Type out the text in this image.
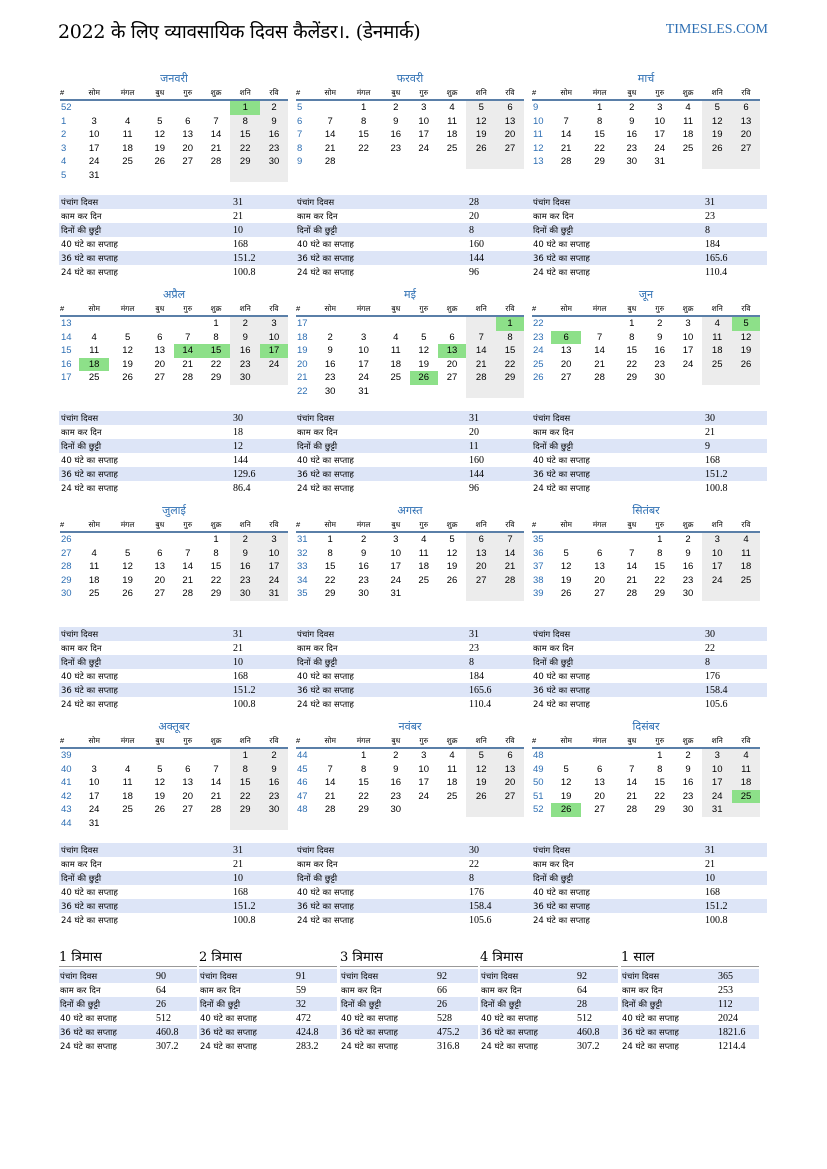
2022 के लिए व्यावसायिक दिवस कैलेंडर।. (डेनमार्क)	TIMESLES.COM
जनवरी
#	सोम	मंगल	बुध	गुरु	शुक्र	शनि	रवि
52						1	2
1	3	4	5	6	7	8	9
2	10	11	12	13	14	15	16
3	17	18	19	20	21	22	23
4	24	25	26	27	28	29	30
5	31						
पंचांग दिवस	31
काम कर दिन	21
दिनों की छुट्टी	10
40 घंटे का सप्ताह	168
36 घंटे का सप्ताह	151.2
24 घंटे का सप्ताह	100.8
फरवरी
#	सोम	मंगल	बुध	गुरु	शुक्र	शनि	रवि
5		1	2	3	4	5	6
6	7	8	9	10	11	12	13
7	14	15	16	17	18	19	20
8	21	22	23	24	25	26	27
9	28						
पंचांग दिवस	28
काम कर दिन	20
दिनों की छुट्टी	8
40 घंटे का सप्ताह	160
36 घंटे का सप्ताह	144
24 घंटे का सप्ताह	96
मार्च
#	सोम	मंगल	बुध	गुरु	शुक्र	शनि	रवि
9		1	2	3	4	5	6
10	7	8	9	10	11	12	13
11	14	15	16	17	18	19	20
12	21	22	23	24	25	26	27
13	28	29	30	31			
पंचांग दिवस	31
काम कर दिन	23
दिनों की छुट्टी	8
40 घंटे का सप्ताह	184
36 घंटे का सप्ताह	165.6
24 घंटे का सप्ताह	110.4
अप्रैल
#	सोम	मंगल	बुध	गुरु	शुक्र	शनि	रवि
13					1	2	3
14	4	5	6	7	8	9	10
15	11	12	13	14	15	16	17
16	18	19	20	21	22	23	24
17	25	26	27	28	29	30	
पंचांग दिवस	30
काम कर दिन	18
दिनों की छुट्टी	12
40 घंटे का सप्ताह	144
36 घंटे का सप्ताह	129.6
24 घंटे का सप्ताह	86.4
मई
#	सोम	मंगल	बुध	गुरु	शुक्र	शनि	रवि
17							1
18	2	3	4	5	6	7	8
19	9	10	11	12	13	14	15
20	16	17	18	19	20	21	22
21	23	24	25	26	27	28	29
22	30	31					
पंचांग दिवस	31
काम कर दिन	20
दिनों की छुट्टी	11
40 घंटे का सप्ताह	160
36 घंटे का सप्ताह	144
24 घंटे का सप्ताह	96
जून
#	सोम	मंगल	बुध	गुरु	शुक्र	शनि	रवि
22			1	2	3	4	5
23	6	7	8	9	10	11	12
24	13	14	15	16	17	18	19
25	20	21	22	23	24	25	26
26	27	28	29	30			
पंचांग दिवस	30
काम कर दिन	21
दिनों की छुट्टी	9
40 घंटे का सप्ताह	168
36 घंटे का सप्ताह	151.2
24 घंटे का सप्ताह	100.8
जुलाई
#	सोम	मंगल	बुध	गुरु	शुक्र	शनि	रवि
26					1	2	3
27	4	5	6	7	8	9	10
28	11	12	13	14	15	16	17
29	18	19	20	21	22	23	24
30	25	26	27	28	29	30	31
पंचांग दिवस	31
काम कर दिन	21
दिनों की छुट्टी	10
40 घंटे का सप्ताह	168
36 घंटे का सप्ताह	151.2
24 घंटे का सप्ताह	100.8
अगस्त
#	सोम	मंगल	बुध	गुरु	शुक्र	शनि	रवि
31	1	2	3	4	5	6	7
32	8	9	10	11	12	13	14
33	15	16	17	18	19	20	21
34	22	23	24	25	26	27	28
35	29	30	31				
पंचांग दिवस	31
काम कर दिन	23
दिनों की छुट्टी	8
40 घंटे का सप्ताह	184
36 घंटे का सप्ताह	165.6
24 घंटे का सप्ताह	110.4
सितंबर
#	सोम	मंगल	बुध	गुरु	शुक्र	शनि	रवि
35				1	2	3	4
36	5	6	7	8	9	10	11
37	12	13	14	15	16	17	18
38	19	20	21	22	23	24	25
39	26	27	28	29	30		
पंचांग दिवस	30
काम कर दिन	22
दिनों की छुट्टी	8
40 घंटे का सप्ताह	176
36 घंटे का सप्ताह	158.4
24 घंटे का सप्ताह	105.6
अक्तूबर
#	सोम	मंगल	बुध	गुरु	शुक्र	शनि	रवि
39						1	2
40	3	4	5	6	7	8	9
41	10	11	12	13	14	15	16
42	17	18	19	20	21	22	23
43	24	25	26	27	28	29	30
44	31						
पंचांग दिवस	31
काम कर दिन	21
दिनों की छुट्टी	10
40 घंटे का सप्ताह	168
36 घंटे का सप्ताह	151.2
24 घंटे का सप्ताह	100.8
नवंबर
#	सोम	मंगल	बुध	गुरु	शुक्र	शनि	रवि
44		1	2	3	4	5	6
45	7	8	9	10	11	12	13
46	14	15	16	17	18	19	20
47	21	22	23	24	25	26	27
48	28	29	30				
पंचांग दिवस	30
काम कर दिन	22
दिनों की छुट्टी	8
40 घंटे का सप्ताह	176
36 घंटे का सप्ताह	158.4
24 घंटे का सप्ताह	105.6
दिसंबर
#	सोम	मंगल	बुध	गुरु	शुक्र	शनि	रवि
48				1	2	3	4
49	5	6	7	8	9	10	11
50	12	13	14	15	16	17	18
51	19	20	21	22	23	24	25
52	26	27	28	29	30	31	
पंचांग दिवस	31
काम कर दिन	21
दिनों की छुट्टी	10
40 घंटे का सप्ताह	168
36 घंटे का सप्ताह	151.2
24 घंटे का सप्ताह	100.8
1 त्रिमास
पंचांग दिवस	90
काम कर दिन	64
दिनों की छुट्टी	26
40 घंटे का सप्ताह	512
36 घंटे का सप्ताह	460.8
24 घंटे का सप्ताह	307.2
2 त्रिमास
पंचांग दिवस	91
काम कर दिन	59
दिनों की छुट्टी	32
40 घंटे का सप्ताह	472
36 घंटे का सप्ताह	424.8
24 घंटे का सप्ताह	283.2
3 त्रिमास
पंचांग दिवस	92
काम कर दिन	66
दिनों की छुट्टी	26
40 घंटे का सप्ताह	528
36 घंटे का सप्ताह	475.2
24 घंटे का सप्ताह	316.8
4 त्रिमास
पंचांग दिवस	92
काम कर दिन	64
दिनों की छुट्टी	28
40 घंटे का सप्ताह	512
36 घंटे का सप्ताह	460.8
24 घंटे का सप्ताह	307.2
1 साल
पंचांग दिवस	365
काम कर दिन	253
दिनों की छुट्टी	112
40 घंटे का सप्ताह	2024
36 घंटे का सप्ताह	1821.6
24 घंटे का सप्ताह	1214.4
